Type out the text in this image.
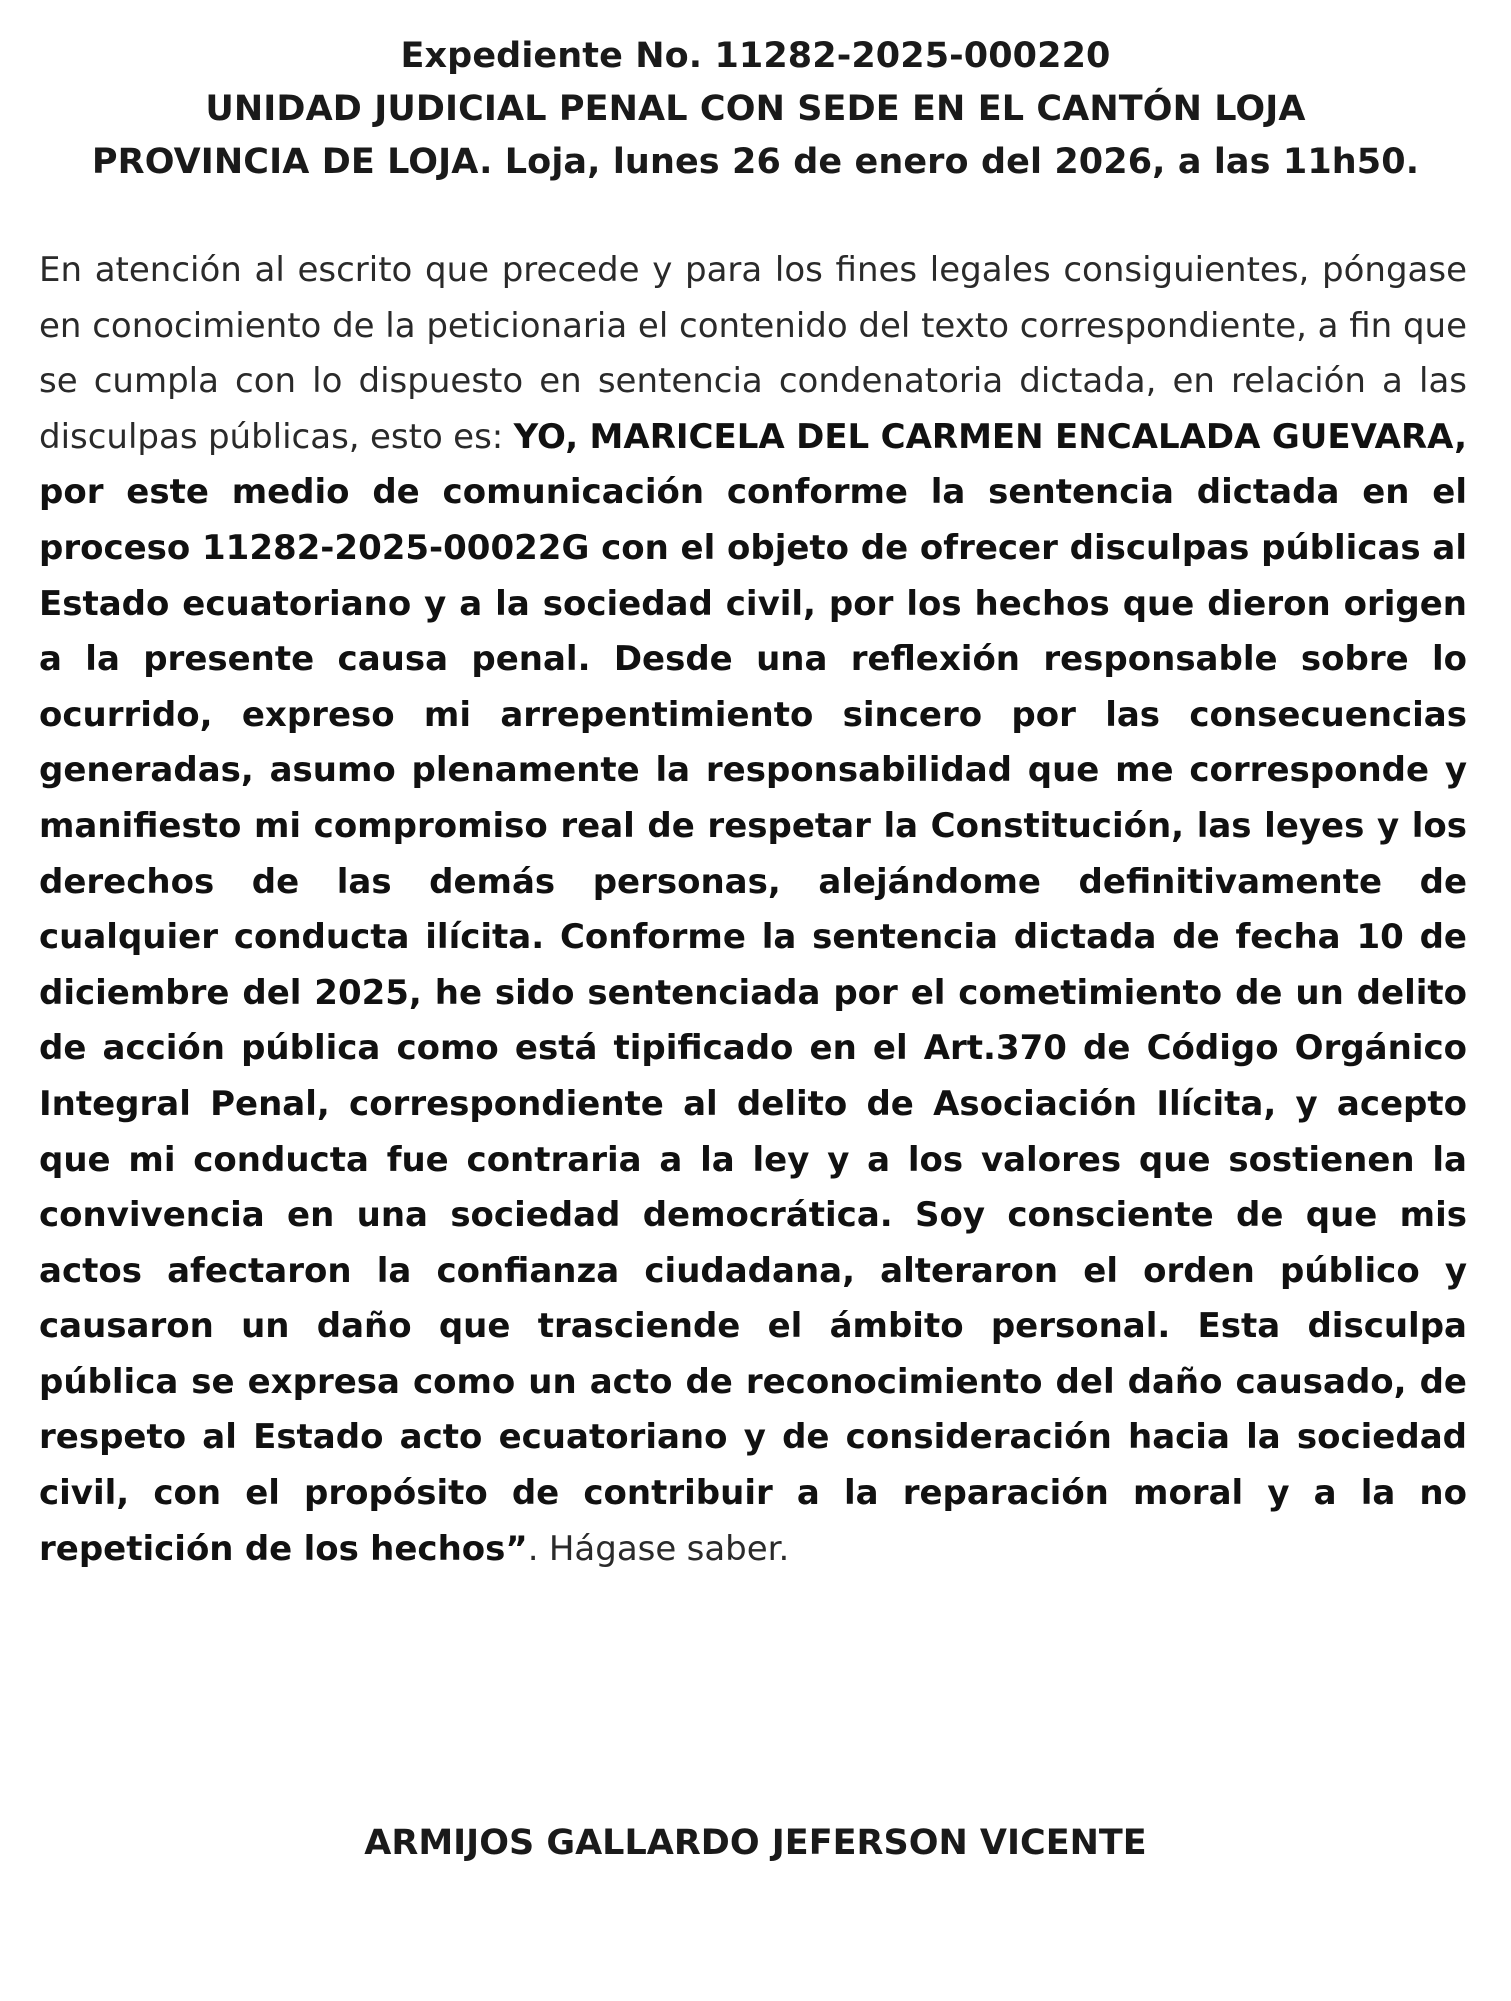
Expediente No. 11282-2025-000220
UNIDAD JUDICIAL PENAL CON SEDE EN EL CANTÓN LOJA
PROVINCIA DE LOJA. Loja, lunes 26 de enero del 2026, a las 11h50.
En atención al escrito que precede y para los fines legales consiguientes, póngase en conocimiento de la peticionaria el contenido del texto correspondiente, a fin que se cumpla con lo dispuesto en sentencia condenatoria dictada, en relación a las disculpas públicas, esto es: YO, MARICELA DEL CARMEN ENCALADA GUEVARA, por este medio de comunicación conforme la sentencia dictada en el proceso 11282-2025-00022G con el objeto de ofrecer disculpas públicas al Estado ecuatoriano y a la sociedad civil, por los hechos que dieron origen a la presente causa penal. Desde una reflexión responsable sobre lo ocurrido, expreso mi arrepentimiento sincero por las consecuencias generadas, asumo plenamente la responsabilidad que me corresponde y manifiesto mi compromiso real de respetar la Constitución, las leyes y los derechos de las demás personas, alejándome definitivamente de cualquier conducta ilícita. Conforme la sentencia dictada de fecha 10 de diciembre del 2025, he sido sentenciada por el cometimiento de un delito de acción pública como está tipificado en el Art.370 de Código Orgánico Integral Penal, correspondiente al delito de Asociación Ilícita, y acepto que mi conducta fue contraria a la ley y a los valores que sostienen la convivencia en una sociedad democrática. Soy consciente de que mis actos afectaron la confianza ciudadana, alteraron el orden público y causaron un daño que trasciende el ámbito personal. Esta disculpa pública se expresa como un acto de reconocimiento del daño causado, de respeto al Estado acto ecuatoriano y de consideración hacia la sociedad civil, con el propósito de contribuir a la reparación moral y a la no repetición de los hechos”. Hágase saber.
ARMIJOS GALLARDO JEFERSON VICENTE
